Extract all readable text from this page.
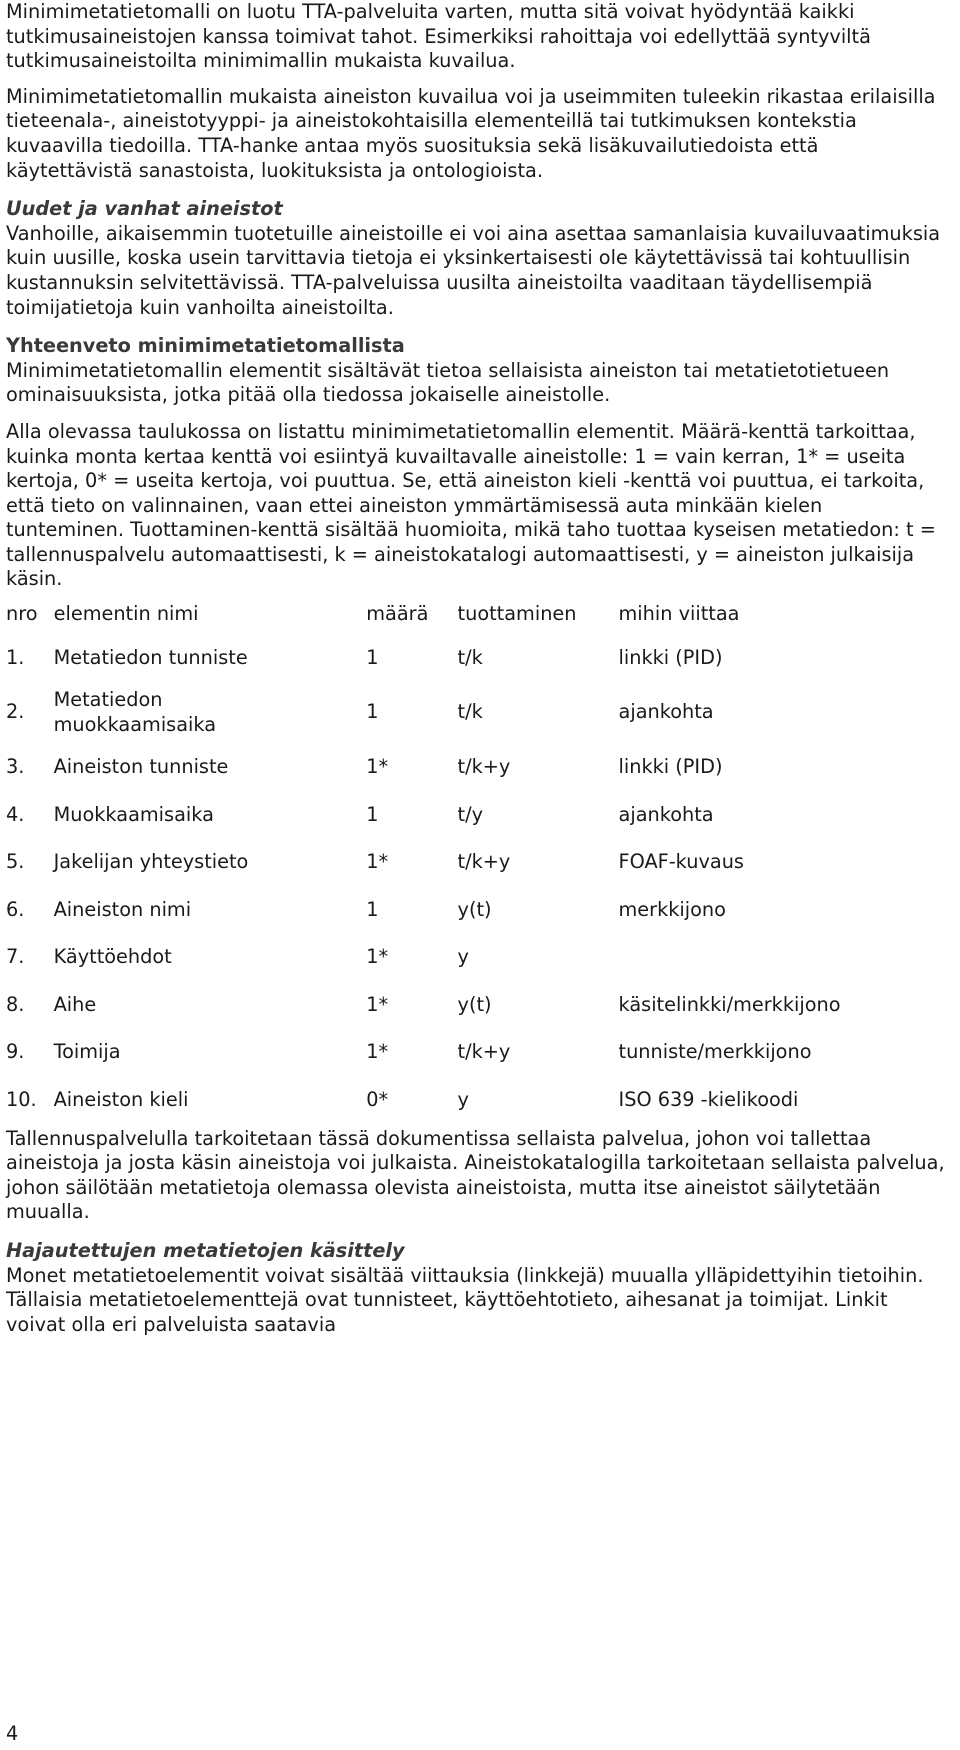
Minimimetatietomalli on luotu TTA-palveluita varten, mutta sitä voivat hyödyntää kaikki tutkimusaineistojen kanssa toimivat tahot. Esimerkiksi rahoittaja voi edellyttää syntyviltä tutkimusaineistoilta minimimallin mukaista kuvailua.

Minimimetatietomallin mukaista aineiston kuvailua voi ja useimmiten tuleekin rikastaa erilaisilla tieteenala-, aineistotyyppi- ja aineistokohtaisilla elementeillä tai tutkimuksen kontekstia kuvaavilla tiedoilla. TTA-hanke antaa myös suosituksia sekä lisäkuvailutiedoista että käytettävistä sanastoista, luokituksista ja ontologioista.

Uudet ja vanhat aineistot

Vanhoille, aikaisemmin tuotetuille aineistoille ei voi aina asettaa samanlaisia kuvailuvaatimuksia kuin uusille, koska usein tarvittavia tietoja ei yksinkertaisesti ole käytettävissä tai kohtuullisin kustannuksin selvitettävissä. TTA-palveluissa uusilta aineistoilta vaaditaan täydellisempiä toimijatietoja kuin vanhoilta aineistoilta.

Yhteenveto minimimetatietomallista

Minimimetatietomallin elementit sisältävät tietoa sellaisista aineiston tai metatietotietueen ominaisuuksista, jotka pitää olla tiedossa jokaiselle aineistolle.

Alla olevassa taulukossa on listattu minimimetatietomallin elementit. Määrä-kenttä tarkoittaa, kuinka monta kertaa kenttä voi esiintyä kuvailtavalle aineistolle: 1 = vain kerran, 1* = useita kertoja, 0* = useita kertoja, voi puuttua. Se, että aineiston kieli -kenttä voi puuttua, ei tarkoita, että tieto on valinnainen, vaan ettei aineiston ymmärtämisessä auta minkään kielen tunteminen. Tuottaminen-kenttä sisältää huomioita, mikä taho tuottaa kyseisen metatiedon: t = tallennuspalvelu automaattisesti, k = aineistokatalogi automaattisesti, y = aineiston julkaisija käsin.

nro	elementin nimi	määrä	tuottaminen	mihin viittaa
1.	Metatiedon tunniste	1	t/k	linkki (PID)
2.	Metatiedon muokkaamisaika	1	t/k	ajankohta
3.	Aineiston tunniste	1*	t/k+y	linkki (PID)
4.	Muokkaamisaika	1	t/y	ajankohta
5.	Jakelijan yhteystieto	1*	t/k+y	FOAF-kuvaus
6.	Aineiston nimi	1	y(t)	merkkijono
7.	Käyttöehdot	1*	y	
8.	Aihe	1*	y(t)	käsitelinkki/merkkijono
9.	Toimija	1*	t/k+y	tunniste/merkkijono
10.	Aineiston kieli	0*	y	ISO 639 -kielikoodi

Tallennuspalvelulla tarkoitetaan tässä dokumentissa sellaista palvelua, johon voi tallettaa aineistoja ja josta käsin aineistoja voi julkaista. Aineistokatalogilla tarkoitetaan sellaista palvelua, johon säilötään metatietoja olemassa olevista aineistoista, mutta itse aineistot säilytetään muualla.

Hajautettujen metatietojen käsittely

Monet metatietoelementit voivat sisältää viittauksia (linkkejä) muualla ylläpidettyihin tietoihin. Tällaisia metatietoelementtejä ovat tunnisteet, käyttöehtotieto, aihesanat ja toimijat. Linkit voivat olla eri palveluista saatavia

4
